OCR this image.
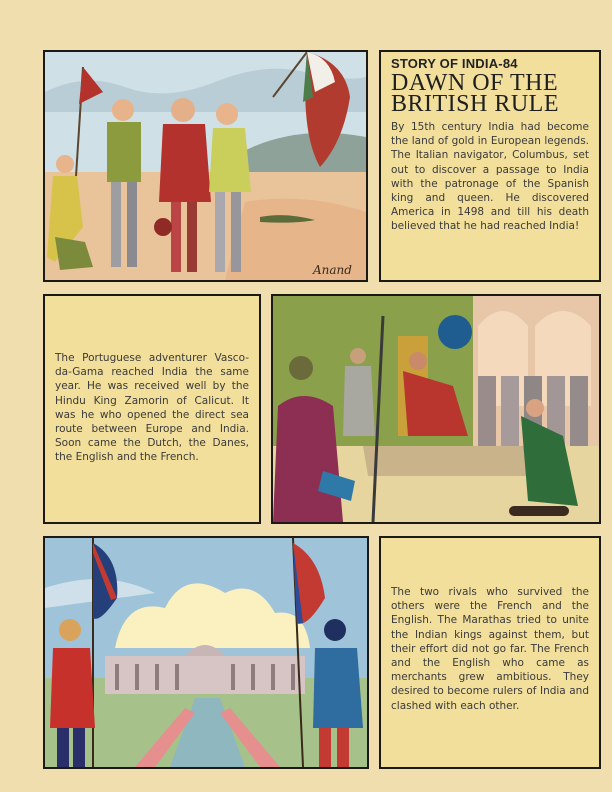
Anand
STORY OF INDIA-84
DAWN OF THE BRITISH RULE
By 15th century India had become the land of gold in European legends. The Italian navigator, Columbus, set out to discover a passage to India with the patronage of the Spanish king and queen. He discovered America in 1498 and till his death believed that he had reached India!
The Portuguese adventurer Vasco-da-Gama reached India the same year. He was received well by the Hindu King Zamorin of Calicut. It was he who opened the direct sea route between Europe and India. Soon came the Dutch, the Danes, the English and the French.
The two rivals who survived the others were the French and the English. The Marathas tried to unite the Indian kings against them, but their effort did not go far. The French and the English who came as merchants grew ambitious. They desired to become rulers of India and clashed with each other.
